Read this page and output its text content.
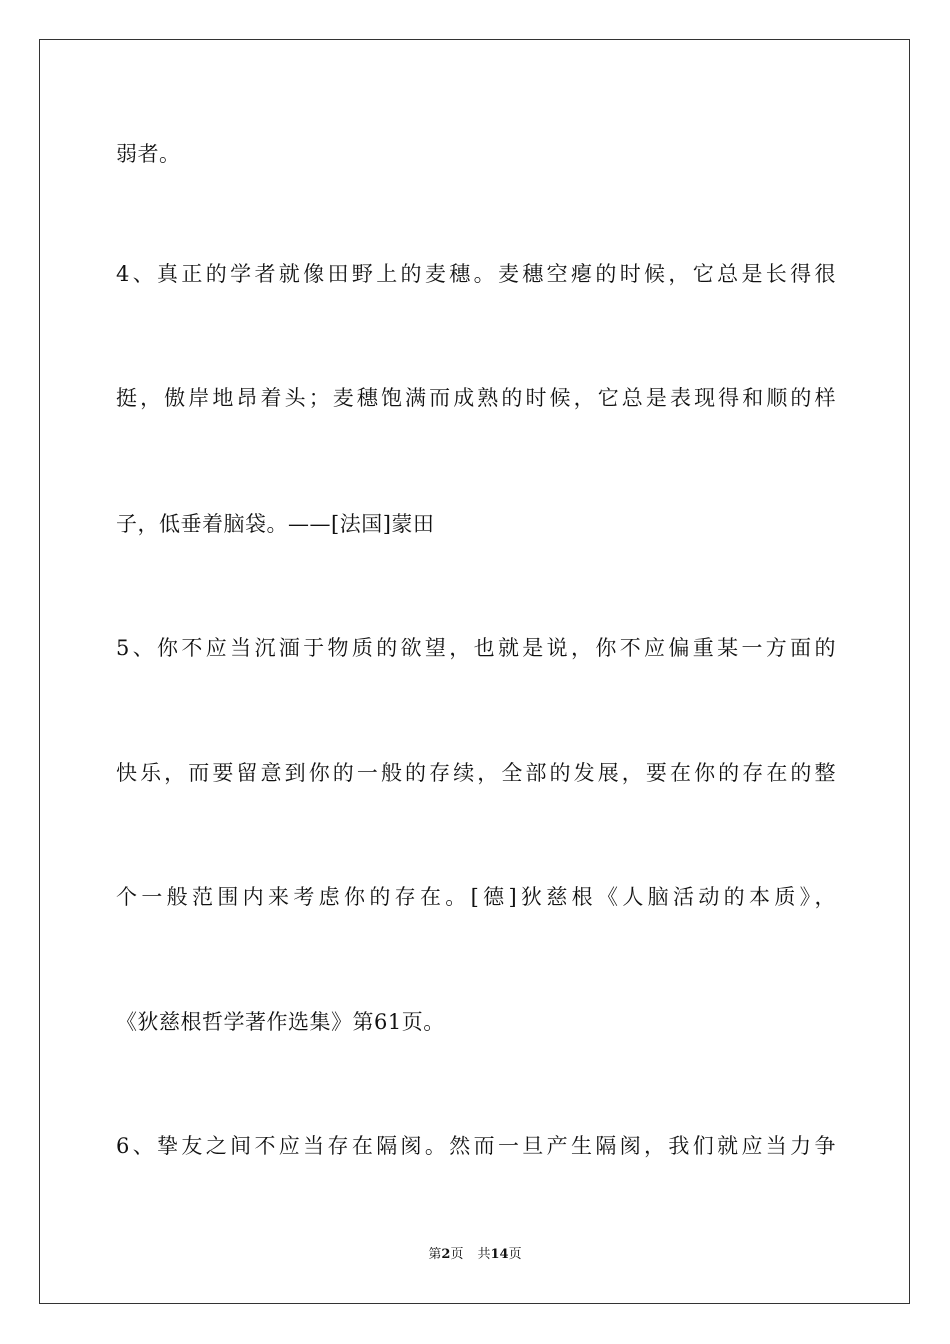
弱者。
4、真正的学者就像田野上的麦穗。麦穗空瘪的时候，它总是长得很
挺，傲岸地昂着头；麦穗饱满而成熟的时候，它总是表现得和顺的样
子，低垂着脑袋。——[法国]蒙田
5、你不应当沉湎于物质的欲望，也就是说，你不应偏重某一方面的
快乐，而要留意到你的一般的存续，全部的发展，要在你的存在的整
个一般范围内来考虑你的存在。[德]狄慈根《人脑活动的本质》，
《狄慈根哲学著作选集》第61页。
6、挚友之间不应当存在隔阂。然而一旦产生隔阂，我们就应当力争
第2页 共14页
